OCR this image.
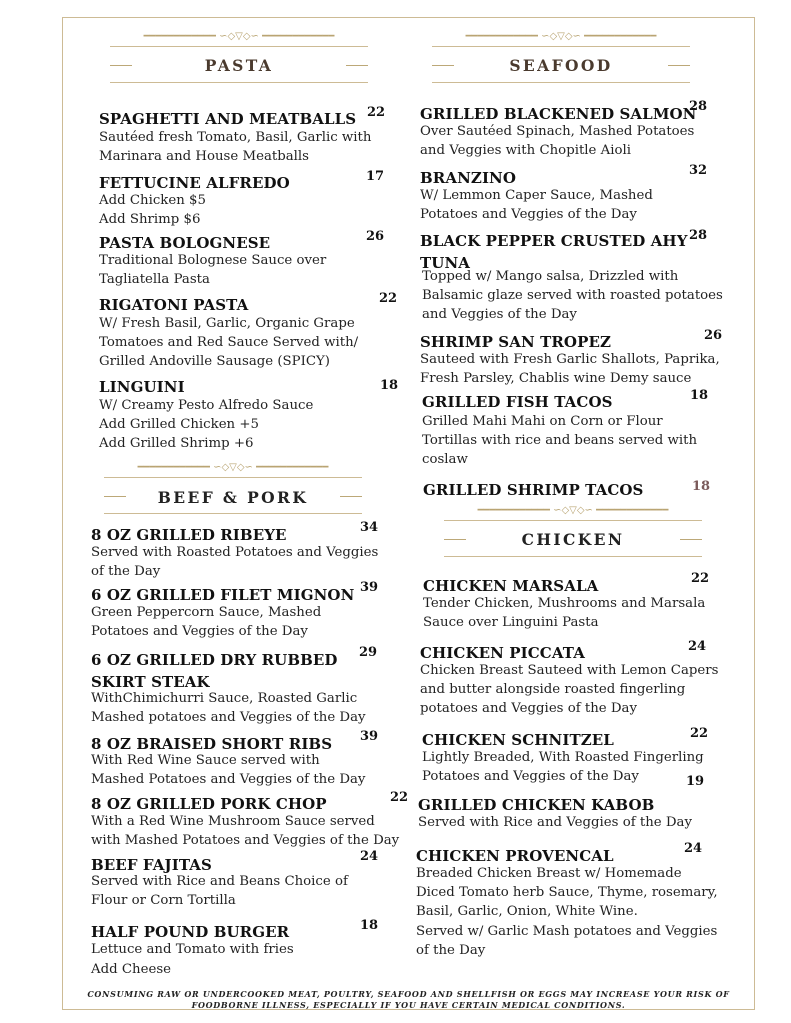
━━━━━━━━━━━━ ∽◇▽◇∽ ━━━━━━━━━━━━
PASTA
━━━━━━━━━━━━ ∽◇▽◇∽ ━━━━━━━━━━━━
SEAFOOD
━━━━━━━━━━━━ ∽◇▽◇∽ ━━━━━━━━━━━━
BEEF & PORK
━━━━━━━━━━━━ ∽◇▽◇∽ ━━━━━━━━━━━━
CHICKEN
SPAGHETTI AND MEATBALLS 22
Sautéed fresh Tomato, Basil, Garlic with
Marinara and House Meatballs
FETTUCINE ALFREDO	17
Add Chicken $5
Add Shrimp $6
PASTA BOLOGNESE	26
Traditional Bolognese Sauce over
Tagliatella Pasta
RIGATONI PASTA	22
W/ Fresh Basil, Garlic, Organic Grape
Tomatoes and Red Sauce Served with/
Grilled Andoville Sausage (SPICY)
LINGUINI	18
W/ Creamy Pesto Alfredo Sauce
Add Grilled Chicken +5
Add Grilled Shrimp +6
8 OZ GRILLED RIBEYE	34
Served with Roasted Potatoes and Veggies
of the Day
6 OZ GRILLED FILET MIGNON 39
Green Peppercorn Sauce, Mashed
Potatoes and Veggies of the Day
6 OZ GRILLED DRY RUBBED
SKIRT STEAK
29
WithChimichurri Sauce, Roasted Garlic
Mashed potatoes and Veggies of the Day
8 OZ BRAISED SHORT RIBS 39
With Red Wine Sauce served with
Mashed Potatoes and Veggies of the Day
8 OZ GRILLED PORK CHOP	22
With a Red Wine Mushroom Sauce served
with Mashed Potatoes and Veggies of the Day
BEEF FAJITAS	24
Served with Rice and Beans Choice of
Flour or Corn Tortilla
HALF POUND BURGER	18
Lettuce and Tomato with fries
Add Cheese
GRILLED BLACKENED SALMON
28
Over Sautéed Spinach, Mashed Potatoes
and Veggies with Chopitle Aioli
BRANZINO	32
W/ Lemmon Caper Sauce, Mashed
Potatoes and Veggies of the Day
BLACK PEPPER CRUSTED AHY
TUNA
28
Topped w/ Mango salsa, Drizzled with
Balsamic glaze served with roasted potatoes
and Veggies of the Day
SHRIMP SAN TROPEZ	26
Sauteed with Fresh Garlic Shallots, Paprika,
Fresh Parsley, Chablis wine Demy sauce
GRILLED FISH TACOS	18
Grilled Mahi Mahi on Corn or Flour
Tortillas with rice and beans served with
coslaw
GRILLED SHRIMP TACOS	18
CHICKEN MARSALA	22
Tender Chicken, Mushrooms and Marsala
Sauce over Linguini Pasta
CHICKEN PICCATA	24
Chicken Breast Sauteed with Lemon Capers
and butter alongside roasted fingerling
potatoes and Veggies of the Day
CHICKEN SCHNITZEL	22
Lightly Breaded, With Roasted Fingerling
Potatoes and Veggies of the Day
GRILLED CHICKEN KABOB
19
Served with Rice and Veggies of the Day
CHICKEN PROVENCAL	24
Breaded Chicken Breast w/ Homemade
Diced Tomato herb Sauce, Thyme, rosemary,
Basil, Garlic, Onion, White Wine.
Served w/ Garlic Mash potatoes and Veggies
of the Day
CONSUMING RAW OR UNDERCOOKED MEAT, POULTRY, SEAFOOD AND SHELLFISH OR EGGS MAY INCREASE YOUR RISK OF
FOODBORNE ILLNESS, ESPECIALLY IF YOU HAVE CERTAIN MEDICAL CONDITIONS.
